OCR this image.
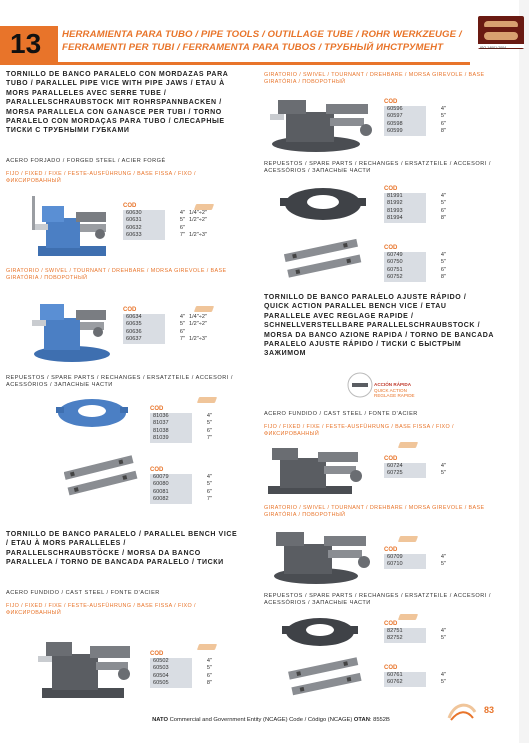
13	HERRAMIENTA PARA TUBO / PIPE TOOLS / OUTILLAGE TUBE / ROHR WERKZEUGE /
FERRAMENTI PER TUBI / FERRAMENTA PARA TUBOS / ТРУБНЫЙ ИНСТРУМЕНТ	ISO 14001:2004
TORNILLO DE BANCO PARALELO CON MORDAZAS PARA TUBO / PARALLEL PIPE VICE WITH PIPE JAWS / ETAU À MORS PARALLELES AVEC SERRE TUBE / PARALLELSCHRAUBSTOCK MIT ROHRSPANNBACKEN / MORSA PARALLELA CON GANASCE PER TUBI / TORNO PARALELO CON MORDAÇAS PARA TUBO / СЛЕСАРНЫЕ ТИСКИ С ТРУБНЫМИ ГУБКАМИ
ACERO FORJADO / FORGED STEEL / ACIER FORGÉ
FIJO / FIXED / FIXE / FESTE-AUSFÜHRUNG / BASE FISSA / FIXO / ФИКСИРОВАННЫЙ
COD
60630	4" 1/4"÷2"
60631	5" 1/2"÷2"
60632	6"
60633	7" 1/2"÷3"
GIRATORIO / SWIVEL / TOURNANT / DREHBARE / MORSA GIREVOLE / BASE GIRATÓRIA / ПОВОРОТНЫЙ
COD
60634	4" 1/4"÷2"
60635	5" 1/2"÷2"
60636	6"
60637	7" 1/2"÷3"
REPUESTOS / SPARE PARTS / RECHANGES / ERSATZTEILE / ACCESORI / ACESSÓRIOS / ЗАПАСНЫЕ ЧАСТИ
COD
81036	4"
81037	5"
81038	6"
81039	7"
COD
60079	4"
60080	5"
60081	6"
60082	7"
TORNILLO DE BANCO PARALELO / PARALLEL BENCH VICE / ETAU À MORS PARALLELES / PARALLELSCHRAUBSTÖCKE / MORSA DA BANCO PARALLELA / TORNO DE BANCADA PARALELO / ТИСКИ
ACERO FUNDIDO / CAST STEEL / FONTE D'ACIER
FIJO / FIXED / FIXE / FESTE-AUSFÜHRUNG / BASE FISSA / FIXO / ФИКСИРОВАННЫЙ
COD
60502	4"
60503	5"
60504	6"
60505	8"
GIRATORIO / SWIVEL / TOURNANT / DREHBARE / MORSA GIREVOLE / BASE GIRATÓRIA / ПОВОРОТНЫЙ
COD
60596	4"
60597	5"
60598	6"
60599	8"
REPUESTOS / SPARE PARTS / RECHANGES / ERSATZTEILE / ACCESORI / ACESSÓRIOS / ЗАПАСНЫЕ ЧАСТИ
COD
81991	4"
81992	5"
81993	6"
81994	8"
COD
60749	4"
60750	5"
60751	6"
60752	8"
TORNILLO DE BANCO PARALELO AJUSTE RÁPIDO / QUICK ACTION PARALLEL BENCH VICE / ETAU PARALLELE AVEC REGLAGE RAPIDE / SCHNELLVERSTELLBARE PARALLELSCHRAUBSTOCK / MORSA DA BANCO AZIONE RAPIDA / TORNO DE BANCADA PARALELO AJUSTE RÁPIDO / ТИСКИ С БЫСТРЫМ ЗАЖИМОМ
ACCIÓN RÁPIDA
QUICK ACTION
REGLAGE RAPIDE
ACERO FUNDIDO / CAST STEEL / FONTE D'ACIER
FIJO / FIXED / FIXE / FESTE-AUSFÜHRUNG / BASE FISSA / FIXO / ФИКСИРОВАННЫЙ
COD
60724	4"
60725	5"
GIRATORIO / SWIVEL / TOURNANT / DREHBARE / MORSA GIREVOLE / BASE GIRATÓRIA / ПОВОРОТНЫЙ
COD
60709	4"
60710	5"
REPUESTOS / SPARE PARTS / RECHANGES / ERSATZTEILE / ACCESORI / ACESSÓRIOS / ЗАПАСНЫЕ ЧАСТИ
COD
82751	4"
82752	5"
COD
60761	4"
60762	5"
83
NATO Commercial and Government Entity (NCAGE) Code / Código (NCAGE) OTAN: 8552B
